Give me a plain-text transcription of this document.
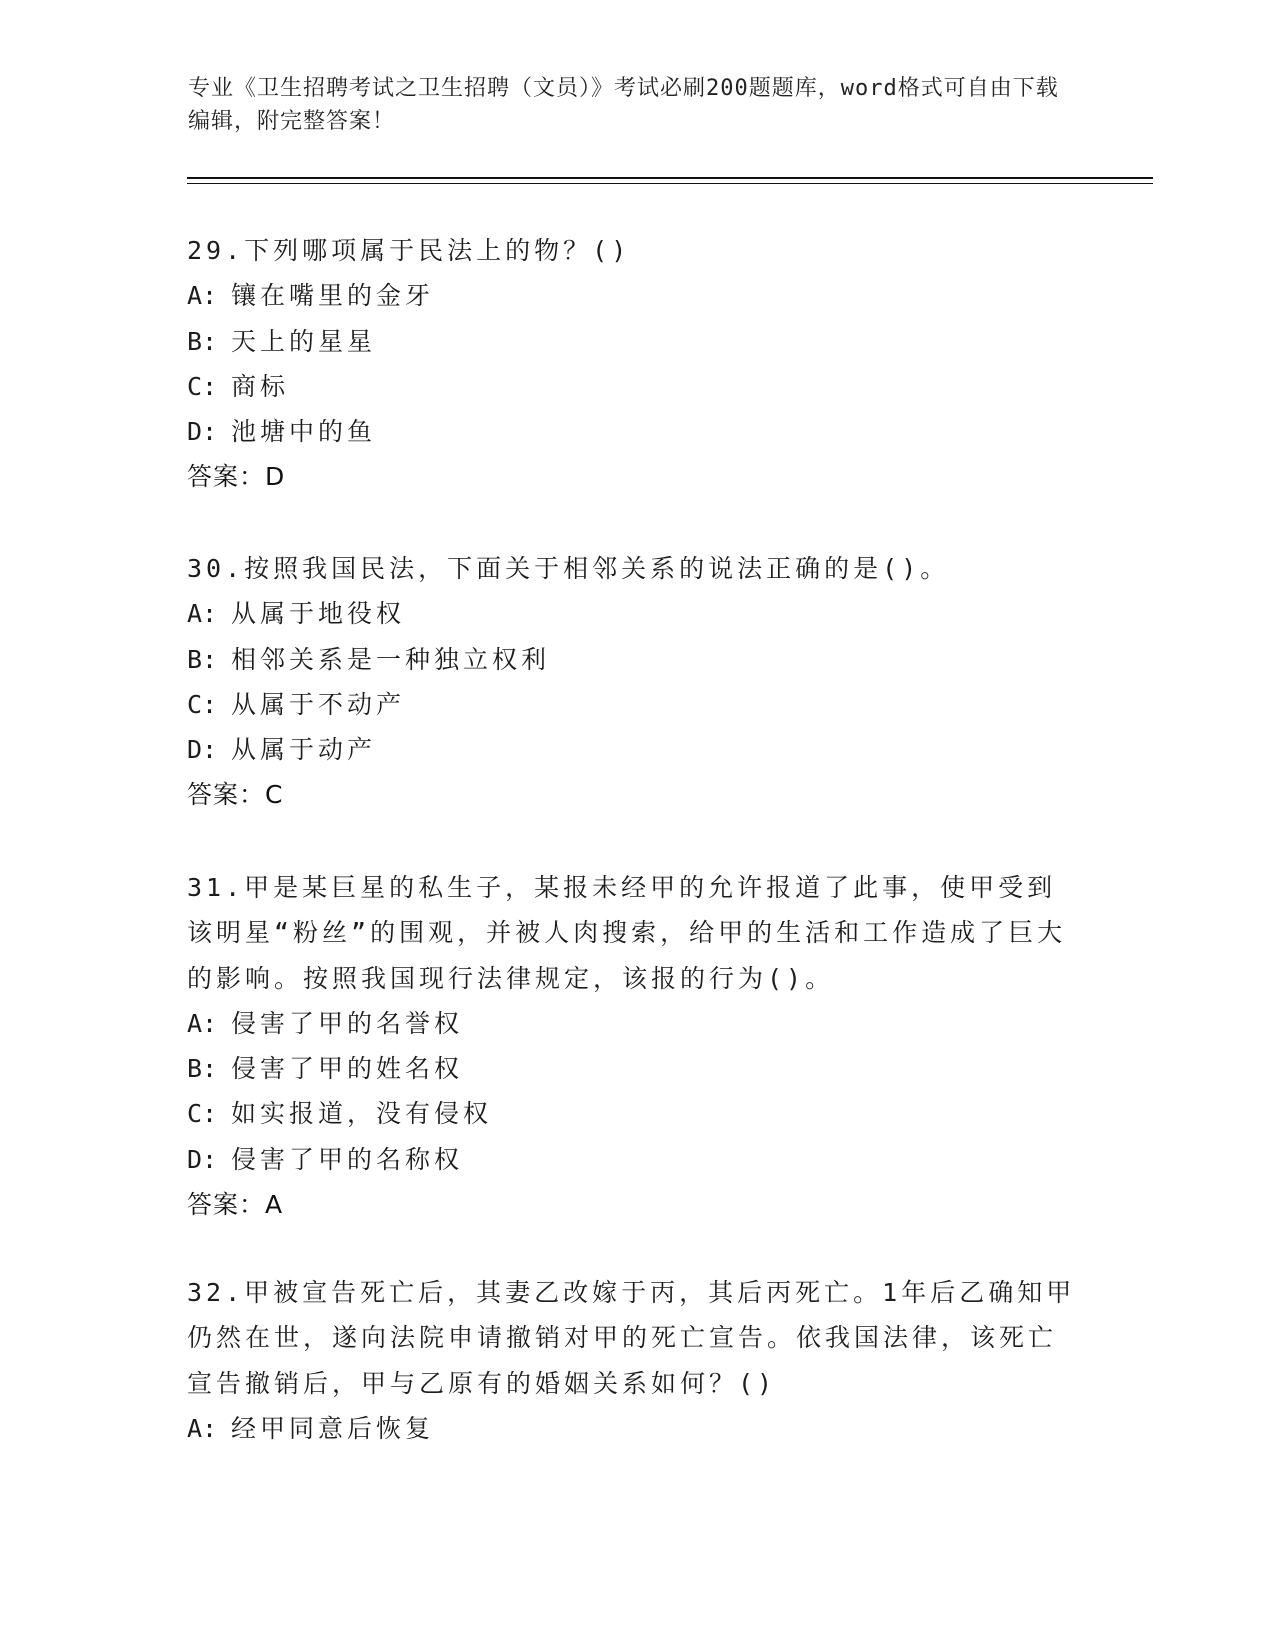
专业《卫生招聘考试之卫生招聘（文员）》考试必刷200题题库，word格式可自由下载编辑，附完整答案！
29.下列哪项属于民法上的物？()
A: 镶在嘴里的金牙
B: 天上的星星
C: 商标
D: 池塘中的鱼
答案：D
30.按照我国民法，下面关于相邻关系的说法正确的是()。
A: 从属于地役权
B: 相邻关系是一种独立权利
C: 从属于不动产
D: 从属于动产
答案：C
31.甲是某巨星的私生子，某报未经甲的允许报道了此事，使甲受到该明星“粉丝”的围观，并被人肉搜索，给甲的生活和工作造成了巨大的影响。按照我国现行法律规定，该报的行为()。
A: 侵害了甲的名誉权
B: 侵害了甲的姓名权
C: 如实报道，没有侵权
D: 侵害了甲的名称权
答案：A
32.甲被宣告死亡后，其妻乙改嫁于丙，其后丙死亡。1年后乙确知甲仍然在世，遂向法院申请撤销对甲的死亡宣告。依我国法律，该死亡宣告撤销后，甲与乙原有的婚姻关系如何？()
A: 经甲同意后恢复
